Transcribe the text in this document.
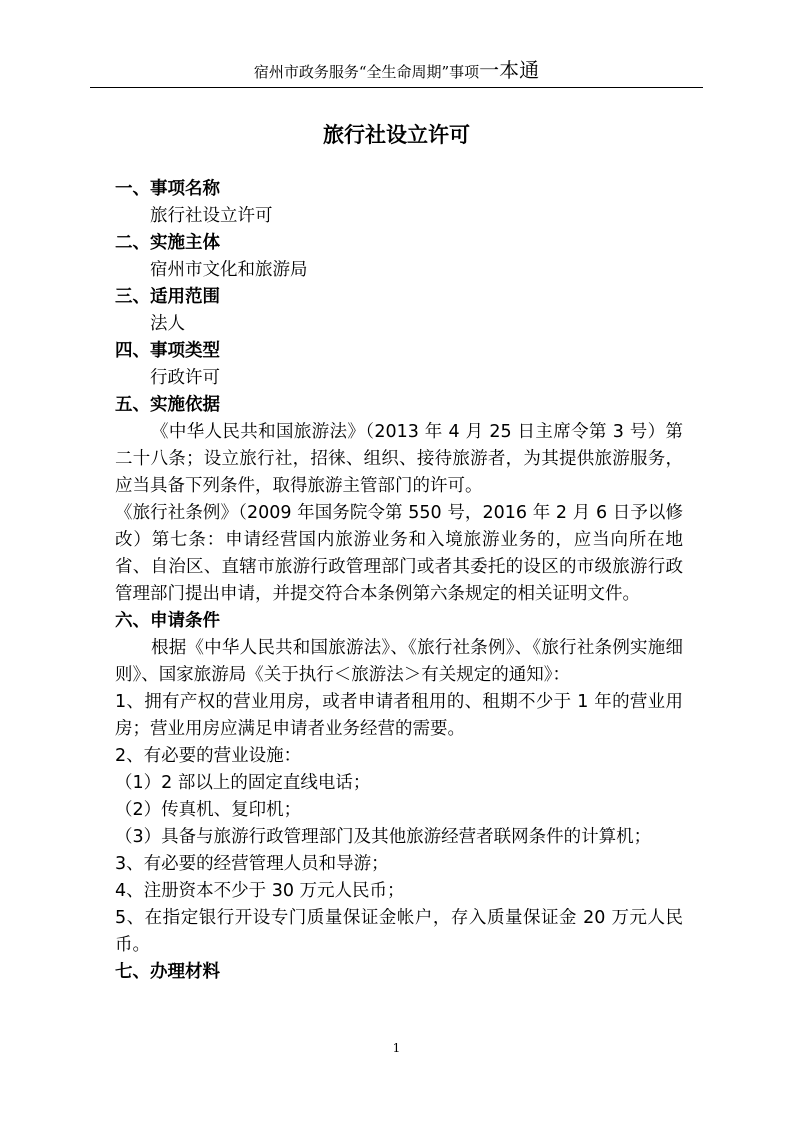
宿州市政务服务“全生命周期”事项一本通
旅行社设立许可

一、事项名称

旅行社设立许可

二、实施主体

宿州市文化和旅游局

三、适用范围

法人

四、事项类型

行政许可

五、实施依据

《中华人民共和国旅游法》（2013 年 4 月 25 日主席令第 3 号）第二十八条；设立旅行社，招徕、组织、接待旅游者，为其提供旅游服务，应当具备下列条件，取得旅游主管部门的许可。

《旅行社条例》（2009 年国务院令第 550 号，2016 年 2 月 6 日予以修改）第七条：申请经营国内旅游业务和入境旅游业务的，应当向所在地省、自治区、直辖市旅游行政管理部门或者其委托的设区的市级旅游行政管理部门提出申请，并提交符合本条例第六条规定的相关证明文件。

六、申请条件

根据《中华人民共和国旅游法》、《旅行社条例》、《旅行社条例实施细则》、国家旅游局《关于执行＜旅游法＞有关规定的通知》：

1、拥有产权的营业用房，或者申请者租用的、租期不少于 1 年的营业用房；营业用房应满足申请者业务经营的需要。

2、有必要的营业设施：

（1）2 部以上的固定直线电话；

（2）传真机、复印机；

（3）具备与旅游行政管理部门及其他旅游经营者联网条件的计算机；

3、有必要的经营管理人员和导游；

4、注册资本不少于 30 万元人民币；

5、在指定银行开设专门质量保证金帐户，存入质量保证金 20 万元人民币。

七、办理材料

1
